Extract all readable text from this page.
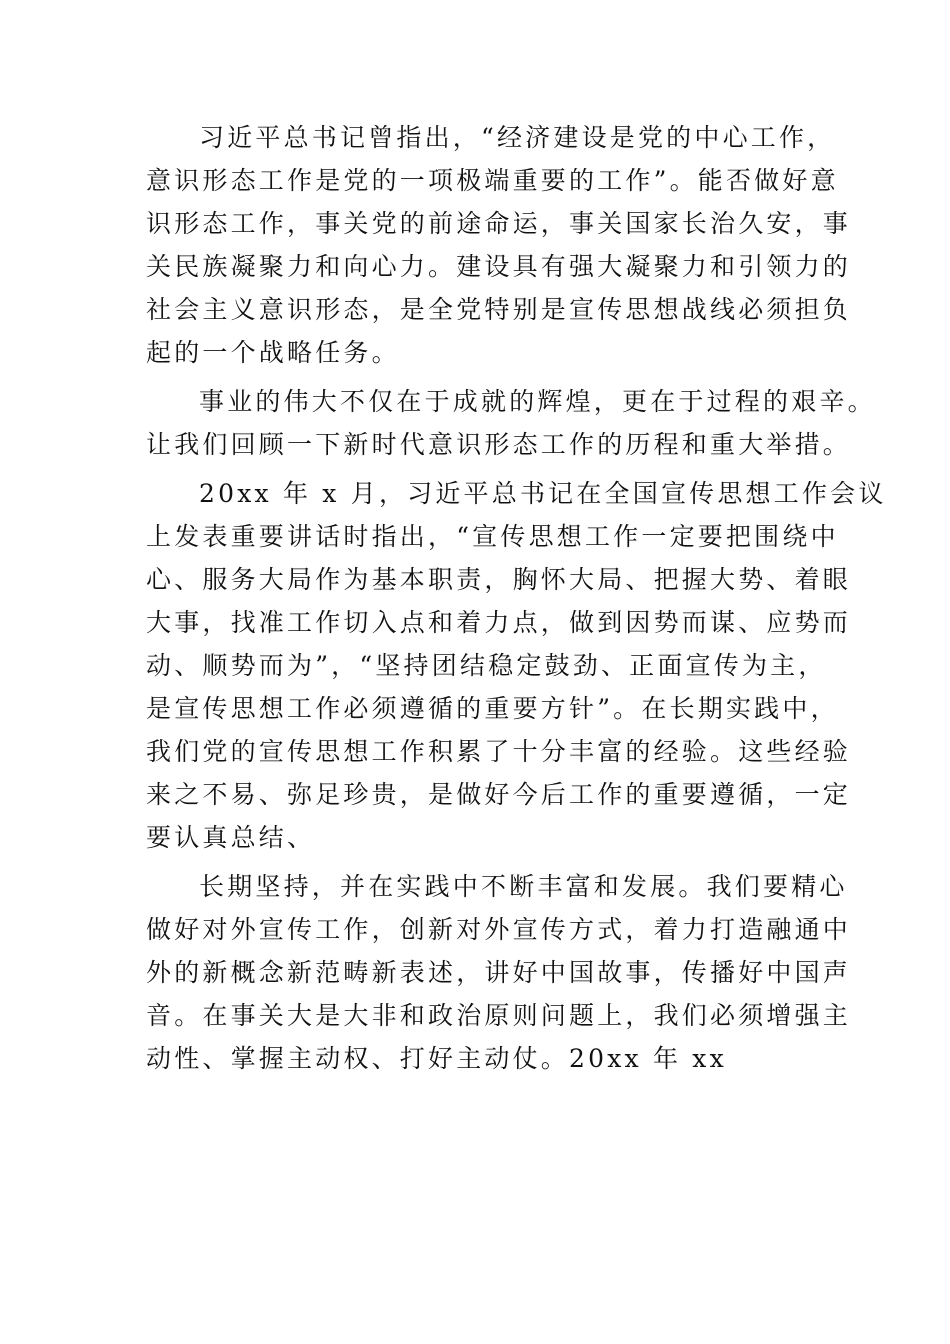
习近平总书记曾指出，“经济建设是党的中心工作，
意识形态工作是党的一项极端重要的工作”。能否做好意
识形态工作，事关党的前途命运，事关国家长治久安，事
关民族凝聚力和向心力。建设具有强大凝聚力和引领力的
社会主义意识形态，是全党特别是宣传思想战线必须担负
起的一个战略任务。
事业的伟大不仅在于成就的辉煌，更在于过程的艰辛。
让我们回顾一下新时代意识形态工作的历程和重大举措。
20xx 年 x 月，习近平总书记在全国宣传思想工作会议
上发表重要讲话时指出，“宣传思想工作一定要把围绕中
心、服务大局作为基本职责，胸怀大局、把握大势、着眼
大事，找准工作切入点和着力点，做到因势而谋、应势而
动、顺势而为”，“坚持团结稳定鼓劲、正面宣传为主，
是宣传思想工作必须遵循的重要方针”。在长期实践中，
我们党的宣传思想工作积累了十分丰富的经验。这些经验
来之不易、弥足珍贵，是做好今后工作的重要遵循，一定
要认真总结、
长期坚持，并在实践中不断丰富和发展。我们要精心
做好对外宣传工作，创新对外宣传方式，着力打造融通中
外的新概念新范畴新表述，讲好中国故事，传播好中国声
音。在事关大是大非和政治原则问题上，我们必须增强主
动性、掌握主动权、打好主动仗。20xx 年 xx
